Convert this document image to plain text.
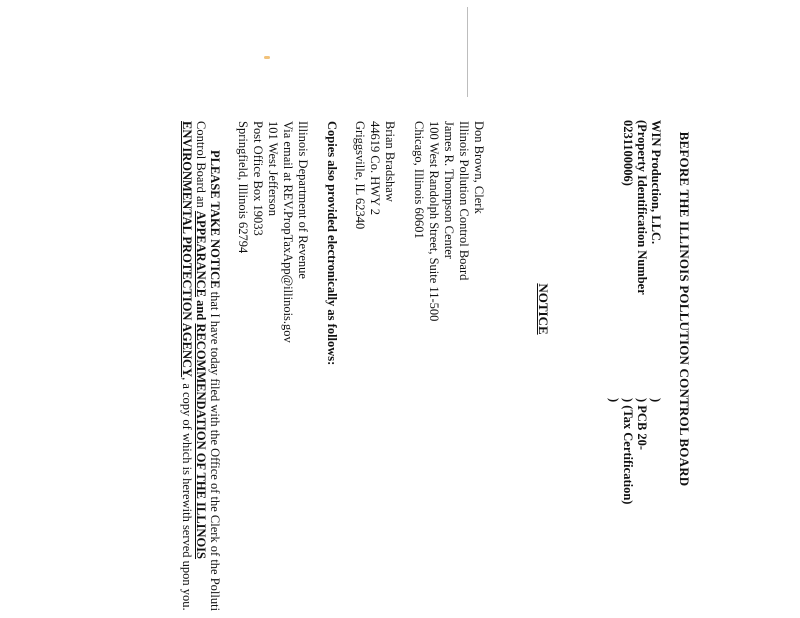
BEFORE THE ILLINOIS POLLUTION CONTROL BOARD
WIN Production, LLC.
(Property Identification Number
0231100006)
)
) PCB 20-
) (Tax Certification)
)
NOTICE
Don Brown, Clerk
Illinois Pollution Control Board
James R. Thompson Center
100 West Randolph Street, Suite 11-500
Chicago, Illinois 60601
Brian Bradshaw
44619 Co. HWY 2
Griggsville, IL 62340
Copies also provided electronically as follows:
Illinois Department of Revenue
Via email at REV.PropTaxApp@illinois.gov
101 West Jefferson
Post Office Box 19033
Springfield, Illinois 62794
PLEASE TAKE NOTICE that I have today filed with the Office of the Clerk of the Polluti
Control Board an APPEARANCE and RECOMMENDATION OF THE ILLINOIS
ENVIRONMENTAL PROTECTION AGENCY, a copy of which is herewith served upon you.
